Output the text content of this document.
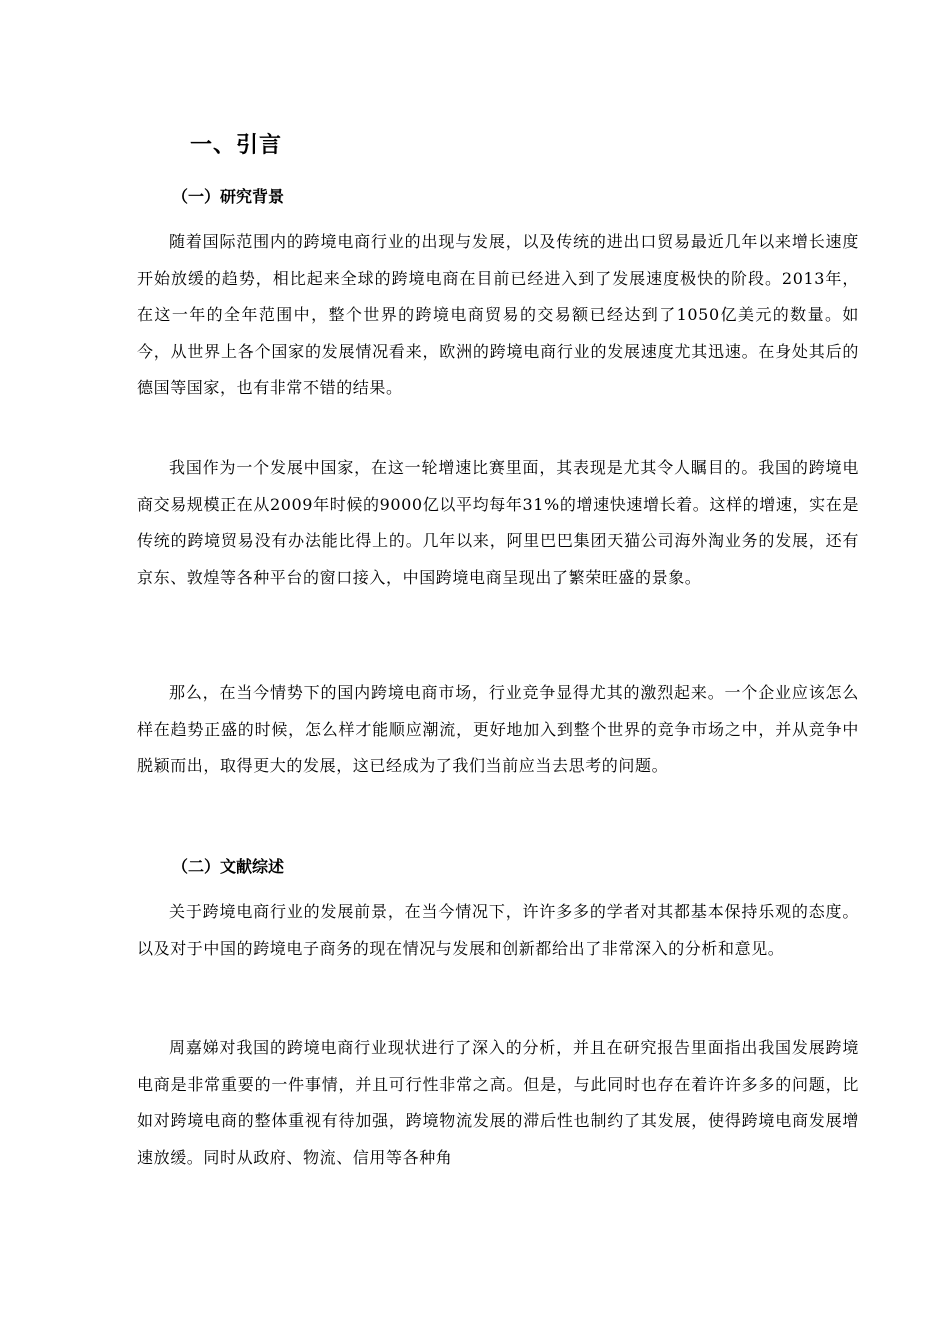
一、引言
（一）研究背景

随着国际范围内的跨境电商行业的出现与发展，以及传统的进出口贸易最近几年以来增长速度开始放缓的趋势，相比起来全球的跨境电商在目前已经进入到了发展速度极快的阶段。2013年，在这一年的全年范围中，整个世界的跨境电商贸易的交易额已经达到了1050亿美元的数量。如今，从世界上各个国家的发展情况看来，欧洲的跨境电商行业的发展速度尤其迅速。在身处其后的德国等国家，也有非常不错的结果。

我国作为一个发展中国家，在这一轮增速比赛里面，其表现是尤其令人瞩目的。我国的跨境电商交易规模正在从2009年时候的9000亿以平均每年31%的增速快速增长着。这样的增速，实在是传统的跨境贸易没有办法能比得上的。几年以来，阿里巴巴集团天猫公司海外淘业务的发展，还有京东、敦煌等各种平台的窗口接入，中国跨境电商呈现出了繁荣旺盛的景象。

那么，在当今情势下的国内跨境电商市场，行业竞争显得尤其的激烈起来。一个企业应该怎么样在趋势正盛的时候，怎么样才能顺应潮流，更好地加入到整个世界的竞争市场之中，并从竞争中脱颖而出，取得更大的发展，这已经成为了我们当前应当去思考的问题。

（二）文献综述

关于跨境电商行业的发展前景，在当今情况下，许许多多的学者对其都基本保持乐观的态度。以及对于中国的跨境电子商务的现在情况与发展和创新都给出了非常深入的分析和意见。

周嘉娣对我国的跨境电商行业现状进行了深入的分析，并且在研究报告里面指出我国发展跨境电商是非常重要的一件事情，并且可行性非常之高。但是，与此同时也存在着许许多多的问题，比如对跨境电商的整体重视有待加强，跨境物流发展的滞后性也制约了其发展，使得跨境电商发展增速放缓。同时从政府、物流、信用等各种角
